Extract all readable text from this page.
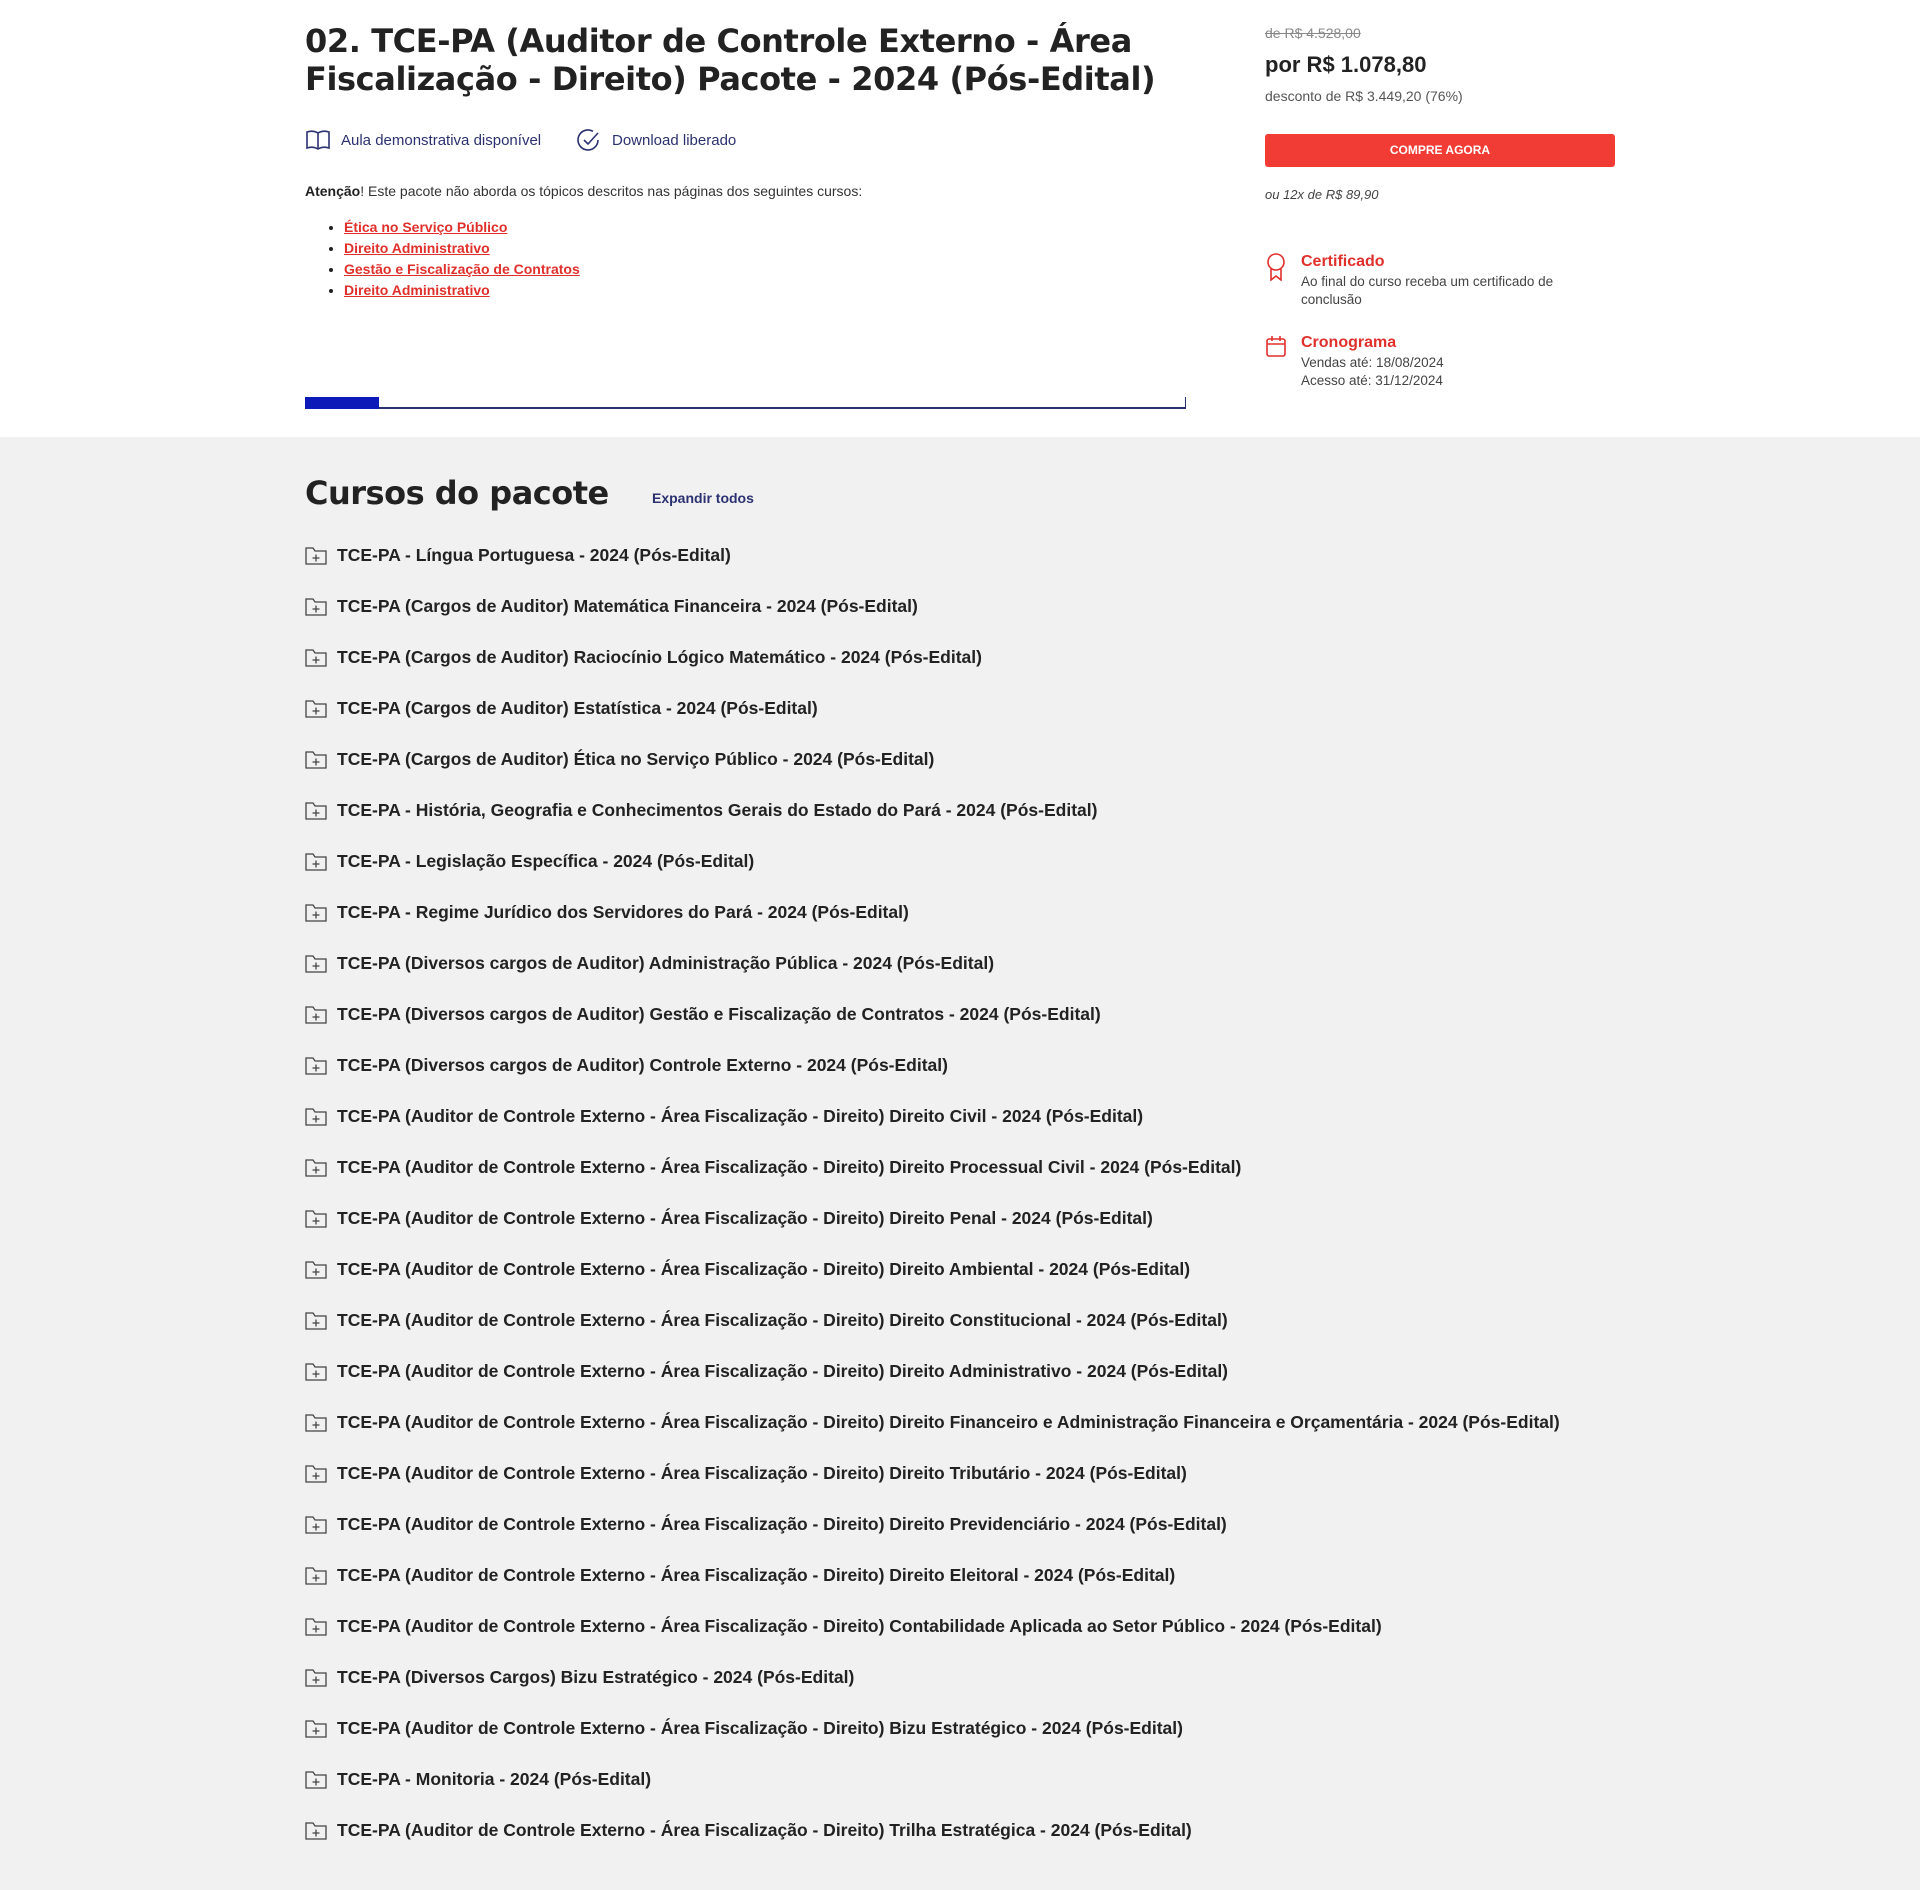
02. TCE-PA (Auditor de Controle Externo - Área Fiscalização - Direito) Pacote - 2024 (Pós-Edital)
Aula demonstrativa disponível	Download liberado

Atenção! Este pacote não aborda os tópicos descritos nas páginas dos seguintes cursos:

• Ética no Serviço Público
• Direito Administrativo
• Gestão e Fiscalização de Contratos
• Direito Administrativo
de R$ 4.528,00
por R$ 1.078,80
desconto de R$ 3.449,20 (76%)
COMPRE AGORA
ou 12x de R$ 89,90
Certificado
Ao final do curso receba um certificado de conclusão
Cronograma
Vendas até: 18/08/2024
Acesso até: 31/12/2024
Cursos do pacote	Expandir todos
TCE-PA - Língua Portuguesa - 2024 (Pós-Edital)
TCE-PA (Cargos de Auditor) Matemática Financeira - 2024 (Pós-Edital)
TCE-PA (Cargos de Auditor) Raciocínio Lógico Matemático - 2024 (Pós-Edital)
TCE-PA (Cargos de Auditor) Estatística - 2024 (Pós-Edital)
TCE-PA (Cargos de Auditor) Ética no Serviço Público - 2024 (Pós-Edital)
TCE-PA - História, Geografia e Conhecimentos Gerais do Estado do Pará - 2024 (Pós-Edital)
TCE-PA - Legislação Específica - 2024 (Pós-Edital)
TCE-PA - Regime Jurídico dos Servidores do Pará - 2024 (Pós-Edital)
TCE-PA (Diversos cargos de Auditor) Administração Pública - 2024 (Pós-Edital)
TCE-PA (Diversos cargos de Auditor) Gestão e Fiscalização de Contratos - 2024 (Pós-Edital)
TCE-PA (Diversos cargos de Auditor) Controle Externo - 2024 (Pós-Edital)
TCE-PA (Auditor de Controle Externo - Área Fiscalização - Direito) Direito Civil - 2024 (Pós-Edital)
TCE-PA (Auditor de Controle Externo - Área Fiscalização - Direito) Direito Processual Civil - 2024 (Pós-Edital)
TCE-PA (Auditor de Controle Externo - Área Fiscalização - Direito) Direito Penal - 2024 (Pós-Edital)
TCE-PA (Auditor de Controle Externo - Área Fiscalização - Direito) Direito Ambiental - 2024 (Pós-Edital)
TCE-PA (Auditor de Controle Externo - Área Fiscalização - Direito) Direito Constitucional - 2024 (Pós-Edital)
TCE-PA (Auditor de Controle Externo - Área Fiscalização - Direito) Direito Administrativo - 2024 (Pós-Edital)
TCE-PA (Auditor de Controle Externo - Área Fiscalização - Direito) Direito Financeiro e Administração Financeira e Orçamentária - 2024 (Pós-Edital)
TCE-PA (Auditor de Controle Externo - Área Fiscalização - Direito) Direito Tributário - 2024 (Pós-Edital)
TCE-PA (Auditor de Controle Externo - Área Fiscalização - Direito) Direito Previdenciário - 2024 (Pós-Edital)
TCE-PA (Auditor de Controle Externo - Área Fiscalização - Direito) Direito Eleitoral - 2024 (Pós-Edital)
TCE-PA (Auditor de Controle Externo - Área Fiscalização - Direito) Contabilidade Aplicada ao Setor Público - 2024 (Pós-Edital)
TCE-PA (Diversos Cargos) Bizu Estratégico - 2024 (Pós-Edital)
TCE-PA (Auditor de Controle Externo - Área Fiscalização - Direito) Bizu Estratégico - 2024 (Pós-Edital)
TCE-PA - Monitoria - 2024 (Pós-Edital)
TCE-PA (Auditor de Controle Externo - Área Fiscalização - Direito) Trilha Estratégica - 2024 (Pós-Edital)
